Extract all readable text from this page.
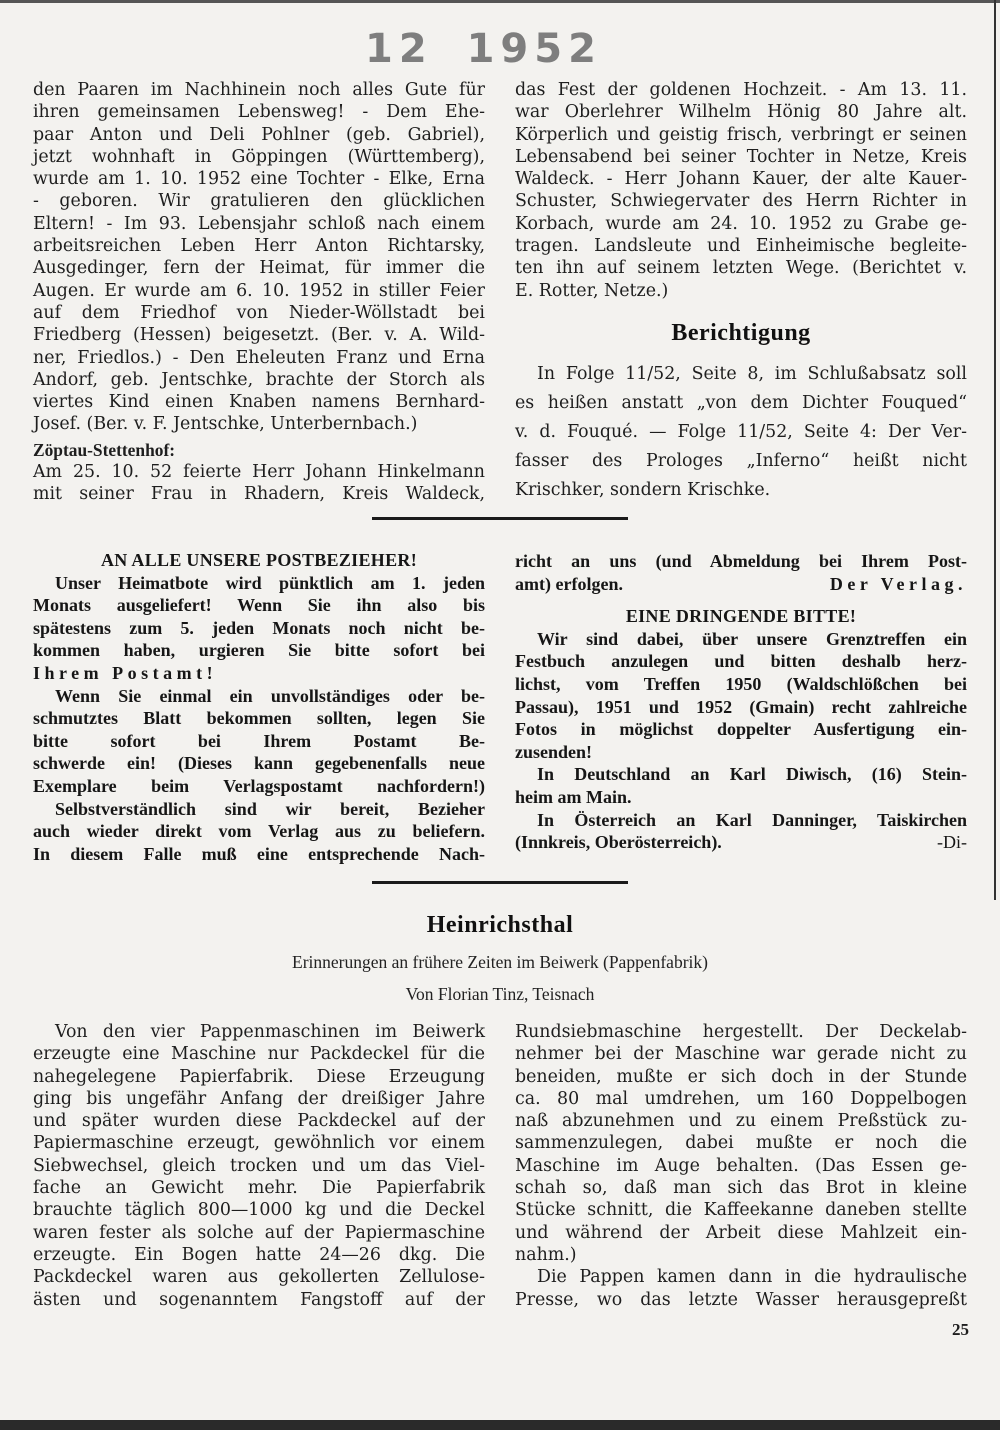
12 1952
den Paaren im Nachhinein noch alles Gute für
ihren gemeinsamen Lebensweg! - Dem Ehe-
paar Anton und Deli Pohlner (geb. Gabriel),
jetzt wohnhaft in Göppingen (Württemberg),
wurde am 1. 10. 1952 eine Tochter - Elke, Erna
- geboren. Wir gratulieren den glücklichen
Eltern! - Im 93. Lebensjahr schloß nach einem
arbeitsreichen Leben Herr Anton Richtarsky,
Ausgedinger, fern der Heimat, für immer die
Augen. Er wurde am 6. 10. 1952 in stiller Feier
auf dem Friedhof von Nieder-Wöllstadt bei
Friedberg (Hessen) beigesetzt. (Ber. v. A. Wild-
ner, Friedlos.) - Den Eheleuten Franz und Erna
Andorf, geb. Jentschke, brachte der Storch als
viertes Kind einen Knaben namens Bernhard-
Josef. (Ber. v. F. Jentschke, Unterbernbach.)
Zöptau-Stettenhof:
Am 25. 10. 52 feierte Herr Johann Hinkelmann
mit seiner Frau in Rhadern, Kreis Waldeck,
das Fest der goldenen Hochzeit. - Am 13. 11.
war Oberlehrer Wilhelm Hönig 80 Jahre alt.
Körperlich und geistig frisch, verbringt er seinen
Lebensabend bei seiner Tochter in Netze, Kreis
Waldeck. - Herr Johann Kauer, der alte Kauer-
Schuster, Schwiegervater des Herrn Richter in
Korbach, wurde am 24. 10. 1952 zu Grabe ge-
tragen. Landsleute und Einheimische begleite-
ten ihn auf seinem letzten Wege. (Berichtet v.
E. Rotter, Netze.)
Berichtigung
In Folge 11/52, Seite 8, im Schlußabsatz soll
es heißen anstatt „von dem Dichter Fouqued“
v. d. Fouqué. — Folge 11/52, Seite 4: Der Ver-
fasser des Prologes „Inferno“ heißt nicht
Krischker, sondern Krischke.
AN ALLE UNSERE POSTBEZIEHER!
Unser Heimatbote wird pünktlich am 1. jeden
Monats ausgeliefert! Wenn Sie ihn also bis
spätestens zum 5. jeden Monats noch nicht be-
kommen haben, urgieren Sie bitte sofort bei
Ihrem Postamt!
Wenn Sie einmal ein unvollständiges oder be-
schmutztes Blatt bekommen sollten, legen Sie
bitte sofort bei Ihrem Postamt Be-
schwerde ein! (Dieses kann gegebenenfalls neue
Exemplare beim Verlagspostamt nachfordern!)
Selbstverständlich sind wir bereit, Bezieher
auch wieder direkt vom Verlag aus zu beliefern.
In diesem Falle muß eine entsprechende Nach-
richt an uns (und Abmeldung bei Ihrem Post-
amt) erfolgen.	Der Verlag.
EINE DRINGENDE BITTE!
Wir sind dabei, über unsere Grenztreffen ein
Festbuch anzulegen und bitten deshalb herz-
lichst, vom Treffen 1950 (Waldschlößchen bei
Passau), 1951 und 1952 (Gmain) recht zahlreiche
Fotos in möglichst doppelter Ausfertigung ein-
zusenden!
In Deutschland an Karl Diwisch, (16) Stein-
heim am Main.
In Österreich an Karl Danninger, Taiskirchen
(Innkreis, Oberösterreich).	-Di-
Heinrichsthal
Erinnerungen an frühere Zeiten im Beiwerk (Pappenfabrik)
Von Florian Tinz, Teisnach
Von den vier Pappenmaschinen im Beiwerk
erzeugte eine Maschine nur Packdeckel für die
nahegelegene Papierfabrik. Diese Erzeugung
ging bis ungefähr Anfang der dreißiger Jahre
und später wurden diese Packdeckel auf der
Papiermaschine erzeugt, gewöhnlich vor einem
Siebwechsel, gleich trocken und um das Viel-
fache an Gewicht mehr. Die Papierfabrik
brauchte täglich 800—1000 kg und die Deckel
waren fester als solche auf der Papiermaschine
erzeugte. Ein Bogen hatte 24—26 dkg. Die
Packdeckel waren aus gekollerten Zellulose-
ästen und sogenanntem Fangstoff auf der
Rundsiebmaschine hergestellt. Der Deckelab-
nehmer bei der Maschine war gerade nicht zu
beneiden, mußte er sich doch in der Stunde
ca. 80 mal umdrehen, um 160 Doppelbogen
naß abzunehmen und zu einem Preßstück zu-
sammenzulegen, dabei mußte er noch die
Maschine im Auge behalten. (Das Essen ge-
schah so, daß man sich das Brot in kleine
Stücke schnitt, die Kaffeekanne daneben stellte
und während der Arbeit diese Mahlzeit ein-
nahm.)
Die Pappen kamen dann in die hydraulische
Presse, wo das letzte Wasser herausgepreßt
25
